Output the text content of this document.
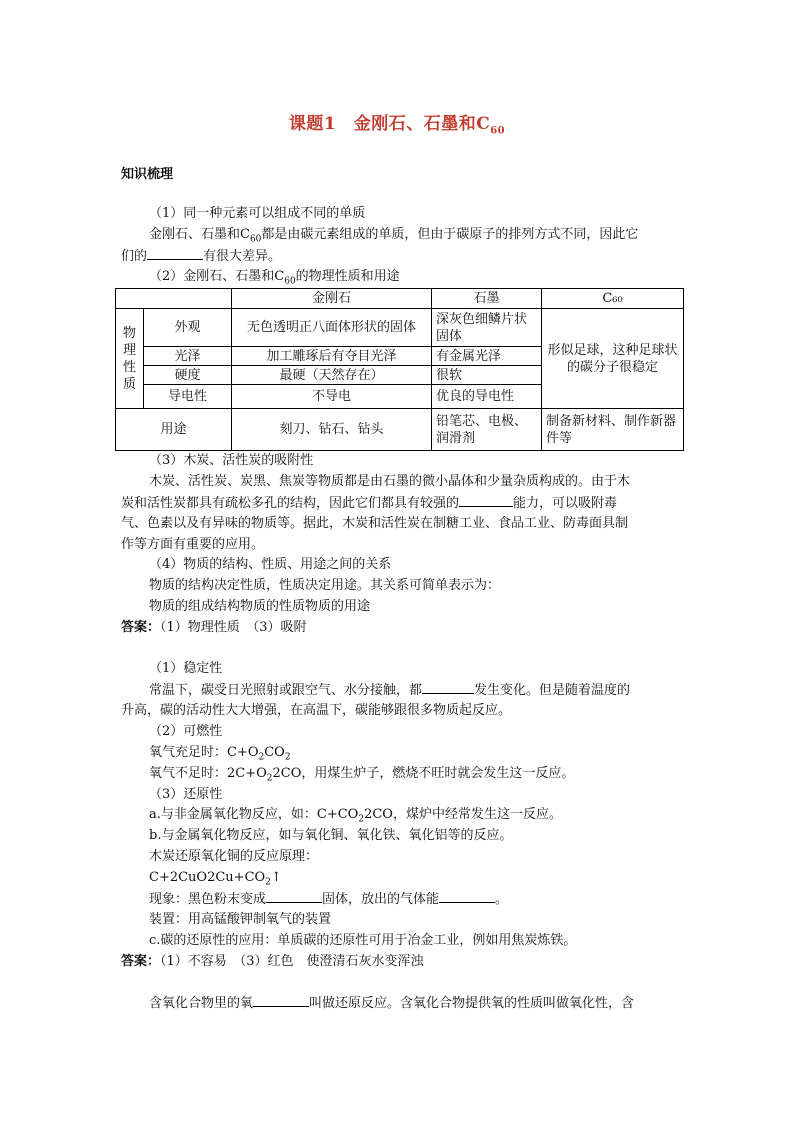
课题1　金刚石、石墨和$C_{60}$
知识梳理
（1）同一种元素可以组成不同的单质
金刚石、石墨和$C_{60}$都是由碳元素组成的单质，但由于碳原子的排列方式不同，因此它
们的	有很大差异。
（2）金刚石、石墨和$C_{60}$的物理性质和用途
		金刚石	石墨	C₆₀
物
理
性
质	外观	无色透明正八面体形状的固体	深灰色细鳞片状固体	形似足球，这种足球状的碳分子很稳定
	光泽	加工雕琢后有夺目光泽	有金属光泽	
	硬度	最硬（天然存在）	很软	
	导电性	不导电	优良的导电性	
用途		刻刀、钻石、钻头	铅笔芯、电极、润滑剂	制备新材料、制作新器件等
（3）木炭、活性炭的吸附性
木炭、活性炭、炭黑、焦炭等物质都是由石墨的微小晶体和少量杂质构成的。由于木
炭和活性炭都具有疏松多孔的结构，因此它们都具有较强的	能力，可以吸附毒
气、色素以及有异味的物质等。据此，木炭和活性炭在制糖工业、食品工业、防毒面具制
作等方面有重要的应用。
（4）物质的结构、性质、用途之间的关系
物质的结构决定性质，性质决定用途。其关系可简单表示为：
物质的组成结构物质的性质物质的用途
答案：（1）物理性质　（3）吸附
（1）稳定性
常温下，碳受日光照射或跟空气、水分接触，都	发生变化。但是随着温度的
升高，碳的活动性大大增强，在高温下，碳能够跟很多物质起反应。
（2）可燃性
氧气充足时：$C+O_2CO_2$
氧气不足时：$2C+O_22CO$，用煤生炉子，燃烧不旺时就会发生这一反应。
（3）还原性
a.与非金属氧化物反应，如：$C+CO_22CO$，煤炉中经常发生这一反应。
b.与金属氧化物反应，如与氧化铜、氧化铁、氧化铝等的反应。
木炭还原氧化铜的反应原理：
$C+2CuO2Cu+CO_2↑$
现象：黑色粉末变成	固体，放出的气体能	。
装置：用高锰酸钾制氧气的装置
c.碳的还原性的应用：单质碳的还原性可用于冶金工业，例如用焦炭炼铁。
答案：（1）不容易　（3）红色　使澄清石灰水变浑浊
含氧化合物里的氧	叫做还原反应。含氧化合物提供氧的性质叫做氧化性，含
